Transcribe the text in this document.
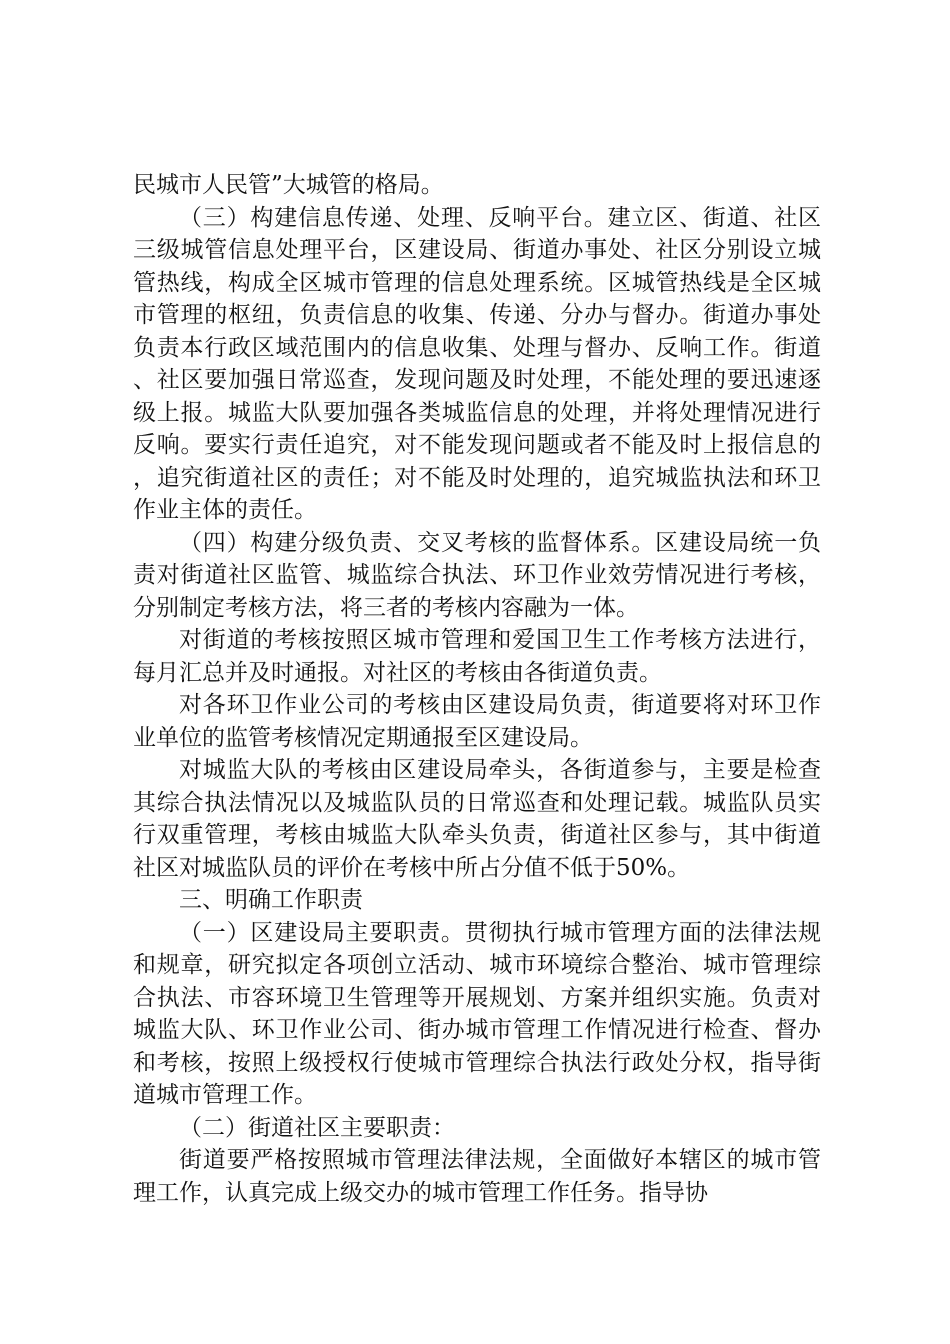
民城市人民管”大城管的格局。

（三）构建信息传递、处理、反响平台。建立区、街道、社区三级城管信息处理平台，区建设局、街道办事处、社区分别设立城管热线，构成全区城市管理的信息处理系统。区城管热线是全区城市管理的枢纽，负责信息的收集、传递、分办与督办。街道办事处负责本行政区域范围内的信息收集、处理与督办、反响工作。街道、社区要加强日常巡查，发现问题及时处理，不能处理的要迅速逐级上报。城监大队要加强各类城监信息的处理，并将处理情况进行反响。要实行责任追究，对不能发现问题或者不能及时上报信息的，追究街道社区的责任；对不能及时处理的，追究城监执法和环卫作业主体的责任。

（四）构建分级负责、交叉考核的监督体系。区建设局统一负责对街道社区监管、城监综合执法、环卫作业效劳情况进行考核，分别制定考核方法，将三者的考核内容融为一体。

对街道的考核按照区城市管理和爱国卫生工作考核方法进行，每月汇总并及时通报。对社区的考核由各街道负责。

对各环卫作业公司的考核由区建设局负责，街道要将对环卫作业单位的监管考核情况定期通报至区建设局。

对城监大队的考核由区建设局牵头，各街道参与，主要是检查其综合执法情况以及城监队员的日常巡查和处理记载。城监队员实行双重管理，考核由城监大队牵头负责，街道社区参与，其中街道社区对城监队员的评价在考核中所占分值不低于50%。

三、明确工作职责

（一）区建设局主要职责。贯彻执行城市管理方面的法律法规和规章，研究拟定各项创立活动、城市环境综合整治、城市管理综合执法、市容环境卫生管理等开展规划、方案并组织实施。负责对城监大队、环卫作业公司、街办城市管理工作情况进行检查、督办和考核，按照上级授权行使城市管理综合执法行政处分权，指导街道城市管理工作。

（二）街道社区主要职责：

街道要严格按照城市管理法律法规，全面做好本辖区的城市管理工作，认真完成上级交办的城市管理工作任务。指导协
